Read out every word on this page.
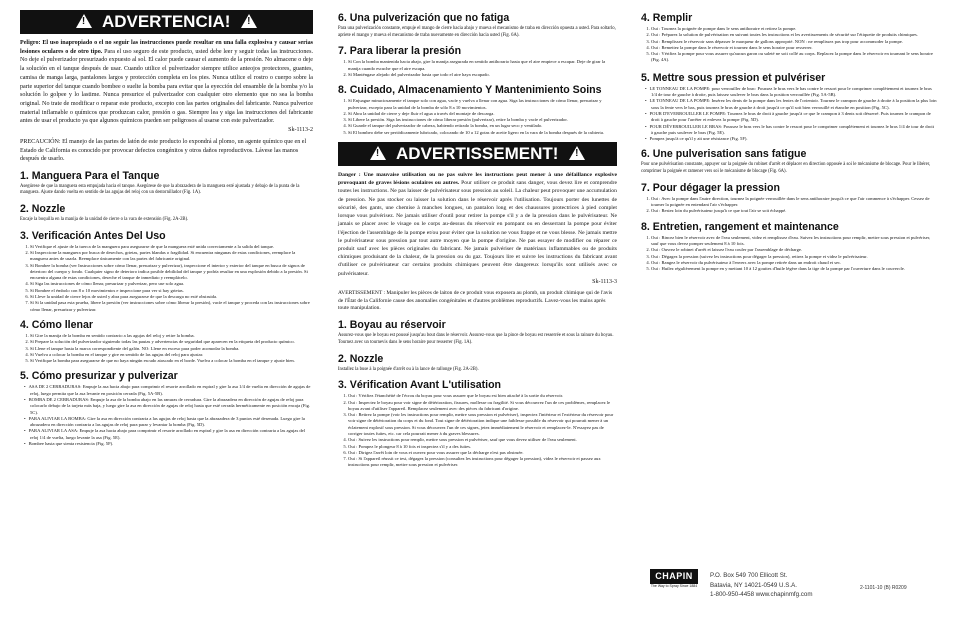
! ADVERTENCIA! !

Peligro: El uso inapropiado o el no seguir las instrucciones puede resultar en una falla explosiva y causar serias lesiones oculares o de otro tipo. Para el uso seguro de este producto, usted debe leer y seguir todas las instrucciones. No deje el pulverizador presurizado expuesto al sol. El calor puede causar el aumento de la presión. No almacene o deje la solución en el tanque después de usar. Cuando utilice el pulverizador siempre utilice anteojos protectores, guantes, camisa de manga larga, pantalones largos y protección completa en los pies. Nunca utilice el rostro o cuerpo sobre la parte superior del tanque cuando bombee o suelte la bomba para evitar que la eyección del ensamble de la bomba y/o la solución lo golpee y lo lastime. Nunca presurice el pulverizador con cualquier otro elemento que no sea la bomba original. No trate de modificar o reparar este producto, excepto con las partes originales del fabricante. Nunca pulverice material inflamable o químicos que produzcan calor, presión o gas. Siempre lea y siga las instrucciones del fabricante antes de usar el producto ya que algunos químicos pueden ser peligrosos al usarse con este pulverizador.

Sk-1113-2

PRECAUCIÓN: El manejo de las partes de latón de este producto lo expondrá al plomo, un agente químico que en el Estado de California es conocido por provocar defectos congénitos y otros daños reproductivos. Lávese las manos después de usarlo.

1. Manguera Para el Tanque

Asegúrese de que la manguera esta empujada hacia el tanque. Asegúrese de que la abrazadera de la manguera esté ajustada y debajo de la punta de la manguera. Ajuste dando vuelta en sentido de las agujas del reloj con un destornillador (Fig. 1A).

2. Nozzle

Encaje la boquilla en la manija de la unidad de cierre o la vara de extensión (Fig. 2A-2B).

3. Verificación Antes Del Uso
1. Sí Verifique el ajuste de la tuerca de la manguera para asegurarse de que la manguera esté unida correctamente a la salida del tanque.
2. Sí Inspeccione la manguera por busca de desechos, grietas, partes blandas o fragilidad. Si encuentra ningunas de estas condiciones, reemplace la manguera antes de usarla. Reemplace únicamente con las partes del fabricante original.
3. Sí Bombee la bomba (ver Instrucciones sobre cómo llenar, presurizar y pulverizar), inspeccione el interior y exterior del tanque en busca de signos de deterioro del cuerpo y fondo. Cualquier signo de deterioro indica posible debilidad del tanque y podría resultar en una explosión debido a la presión. Si encuentra alguna de estas condiciones, deseche el tanque de inmediato y reemplácelo.
4. Sí Siga las instrucciones de cómo llenar, presurizar y pulverizar, pero use solo agua.
5. Sí Bombee el émbolo con 8 o 10 movimientos e inspeccione para ver si hay grietas.
6. Sí Lleve la unidad de cierre lejos de usted y abra para asegurarse de que la descarga no esté obstruida.
7. Sí Si la unidad pasa esta prueba, libere la presión (ver instrucciones sobre cómo liberar la presión), vacíe el tanque y proceda con las instrucciones sobre cómo llenar, presurizar y pulverizar.
4. Cómo llenar
1. Sí Gire la manija de la bomba en sentido contrario a las agujas del reloj y retire la bomba.
2. Sí Prepare la solución del pulverizador siguiendo todas las pautas y advertencias de seguridad que aparecen en la etiqueta del producto químico.
3. Sí Llene el tanque hasta la marca correspondiente del galón. NO: Llene en exceso para poder acomodar la bomba.
4. Sí Vuelva a colocar la bomba en el tanque y gire en sentido de las agujas del reloj para ajustar.
5. Sí Verifique la bomba para asegurarse de que no haya ningún escudo atascado en el borde. Vuelva a colocar la bomba en el tanque y ajuste bien.
5. Cómo presurizar y pulverizar
• ASA DE 2 CERRADURAS: Empuje la asa hacia abajo para comprimir el resorte arrollado en espiral y gire la asa 1/4 de vuelta en dirección de agujas de reloj, luego permita que la asa levante en posición cerrada (Fig. 5A-5B).
• BOMBA DE 2 CERRADURAS: Empuje la asa de la bomba abajo en las ranuras de cerradura. Gire la abrazadera en dirección de agujas de reloj para colocarlo debajo de la tarjeta más baja, y luego gire la asa en dirección de agujas de reloj hasta que esté cerrada herméticamente en posición encaja (Fig. 5C).
• PARA ALIVIAR LA BOMBA: Gire la asa en dirección contraria a las agujas de reloj hasta que la abrazadera de 3 puntos esté desenada. Luego gire la abrazadera en dirección contraria a las agujas de reloj para parar y levantar la bomba (Fig. 5D).
• PARA ALIVIAR LA ASA: Empuje la asa hacia abajo para comprimir el resorte arrollado en espiral y gire la asa en dirección contraria a las agujas del reloj 1/4 de vuelta, luego levante la asa (Fig. 5E).
• Bombee hasta que sienta resistencia (Fig. 5F).
6. Una pulverización que no fatiga

Para una pulverización constante, empuje el mango de cierre hacia abajo y mueva el mecanismo de traba en dirección opuesta a usted. Para soltarlo, apriete el mango y mueva el mecanismo de traba nuevamente en dirección hacia usted (Fig. 6A).

7. Para liberar la presión
1. Sí Con la bomba mantenida hacia abajo, gire la manija asegurada en sentido antihorario hasta que el aire empiece a escapar. Deje de girar la manija cuando escuche que el aire escapa.
2. Sí Manténgase alejado del pulverizador hasta que todo el aire haya escapado.
8. Cuidado, Almacenamiento Y Mantenimiento Soins
1. Sí Enjuague minuciosamente el tanque solo con agua, vacíe y vuelva a llenar con agua. Siga las instrucciones de cómo llenar, presurizar y pulverizar, excepto para la unidad de la bomba de sólo 8 a 10 movimientos.
2. Sí Abra la unidad de cierre y deje fluir el agua a través del montaje de descarga.
3. Sí Libere la presión. Siga las instrucciones de cómo liberar presión (pulverizar), retire la bomba y vacíe el pulverizador.
4. Sí Guarde el tanque del pulverizador de cabeza, habiendo retirado la bomba, en un lugar seco y ventilado.
5. Sí El bombeo debe ser periódicamente lubricado, colocando de 10 a 12 gotas de aceite ligero en la vara de la bomba después de la cubierta.
! ADVERTISSEMENT! !

Danger : Une mauvaise utilisation ou ne pas suivre les instructions peut mener à une défaillance explosive provoquant de graves lésions oculaires ou autres. Pour utiliser ce produit sans danger, vous devez lire et comprendre toutes les instructions. Ne pas laisser de pulvérisateur sous pression au soleil. La chaleur peut provoquer une accumulation de pression. Ne pas stocker ou laisser la solution dans le réservoir après l'utilisation. Toujours porter des lunettes de sécurité, des gants, une chemise à manches longues, un pantalon long et des chaussures protectrices à pied complet lorsque vous pulvérisez. Ne jamais utiliser d'outil pour retirer la pompe s'il y a de la pression dans le pulvérisateur. Ne jamais se placer avec le visage ou le corps au-dessus du réservoir en pompant ou en desserrant la pompe pour éviter l'éjection de l'assemblage de la pompe et/ou pour éviter que la solution ne vous frappe et ne vous blesse. Ne jamais mettre le pulvérisateur sous pression par tout autre moyen que la pompe d'origine. Ne pas essayer de modifier ou réparer ce produit sauf avec les pièces originales du fabricant. Ne jamais pulvériser de matériaux inflammables ou de produits chimiques produisant de la chaleur, de la pression ou du gaz. Toujours lire et suivre les instructions du fabricant avant d'utiliser ce pulvérisateur car certains produits chimiques peuvent être dangereux lorsqu'ils sont utilisés avec ce pulvérisateur.

Sk-1113-3

AVERTISSEMENT : Manipuler les pièces de laiton de ce produit vous exposera au plomb, un produit chimique qui de l'avis de l'État de la Californie cause des anomalies congénitales et d'autres problèmes reproductifs. Lavez-vous les mains après toute manipulation.

1. Boyau au réservoir

Assurez-vous que le boyau est poussé jusqu'au bout dans le réservoir. Assurez-vous que la pince de boyau est resserrée et sous la rainure du boyau. Tournez avec un tournevis dans le sens horaire pour resserrer (Fig. 1A).

2. Nozzle

Installez la buse à la poignée d'arrêt ou à la lance de rallonge (Fig. 2A-2B).

3. Vérification Avant L'utilisation
1. Oui : Vérifiez l'étanchéité de l'écrou du boyau pour vous assurer que le boyau est bien attaché à la sortie du réservoir.
2. Oui : Inspectez le boyau pour voir signe de détérioration, fissures, mollesse ou fragilité. Si vous découvrez l'un de ces problèmes, remplacez le boyau avant d'utiliser l'appareil. Remplacez seulement avec des pièces du fabricant d'origine.
3. Oui : Retirez la pompe (voir les instructions pour remplir, mettre sous pression et pulvériser), inspectez l'intérieur et l'extérieur du réservoir pour voir signe de détérioration du corps et du fond. Tout signe de détérioration indique une faiblesse possible du réservoir qui pourrait mener à un éclatement explosif sous pression. Si vous découvrez l'un de ces signes, jetez immédiatement le réservoir et remplacez-le. N'essayez pas de corriger toutes fuites, etc. car cela pourrait mener à du graves blessures.
4. Oui : Suivez les instructions pour remplir, mettre sous pression et pulvériser, sauf que vous devez utiliser de l'eau seulement.
5. Oui : Pompez le plongeur 8 à 10 fois et inspectez s'il y a des fuites.
6. Oui : Dirigez l'arrêt loin de vous et ouvrez pour vous assurer que la décharge n'est pas obstruée.
7. Oui : Si l'appareil réussit ce test, dégagez la pression (consultez les instructions pour dégager la pression), videz le réservoir et passez aux instructions pour remplir, mettre sous pression et pulvériser.
4. Remplir
1. Oui : Tournez la poignée de pompe dans le sens antihoraire et retirez la pompe.
2. Oui : Préparez la solution de pulvérisation en suivant toutes les instructions et les avertissements de sécurité sur l'étiquette de produits chimiques.
3. Oui : Remplissez le réservoir sans dépasser le marqueur de gallons approprié. NON : ne remplissez pas trop pour accommoder la pompe.
4. Oui : Remettez la pompe dans le réservoir et tournez dans le sens horaire pour resserrer.
5. Oui : Vérifiez la pompe pour vous assurer qu'aucun garon ou saleté ne soit collé au corps. Replacez la pompe dans le réservoir en tournant le sens horaire (Fig. 4A).
5. Mettre sous pression et pulvériser
• LE TONNEAU DE LA POMPE: pour verrouiller de brac: Poussez le bras vers le bas contre le ressort pour le comprimer complètement et tournez le bras 1/4 de tour de gauche à droite, puis laissez soulever le bras dans la position verrouillée (Fig. 5A-5B).
• LE TONNEAU DE LA POMPE: Insérez les dents de la pompe dans les fentes de l'orientoir. Tournez le crampon de gauche à droite à la position la plus loin sous la fente vers le bas, puis tournez le bras de gauche à droit jusqu'à ce qu'il soit bien verrouillé et étanche en position (Fig. 5C).
• POUR D'EVERROUILLER LE POMPE: Tournez le bras de droit à gauche jusqu'à ce que le crampon à 3 dents soit désserré. Puis tournez le crampon de droit à gauche pour l'arrêter et enlevez la pompe (Fig. 5D).
• POUR DÉVERROUILLER LE BRAS: Poussez le bras vers le bas contre le ressort pour le comprimer complètement et tournez le bras 1/4 de tour de droit à gauche puis soulever le bras (Fig. 5E).
• Pompez jusqu'à ce qu'il y ait une résistance (Fig. 5F).
6. Une pulverisation sans fatigue

Pour une pulvérisation constante, appuyer sur la poignée du robinet d'arrêt et déplacer en direction opposée à soi le mécanisme de blocage. Pour le libérer, comprimer la poignée et ramener vers soi le mécanisme de blocage (Fig. 6A).

7. Pour dégager la pression
1. Oui : Avec la pompe dans l'autre direction, tournez la poignée verrouillée dans le sens antihoraire jusqu'à ce que l'air commence à s'échapper. Cessez de tourner la poignée en entendant l'air s'échapper.
2. Oui : Restez loin du pulvérisateur jusqu'à ce que tout l'air se soit échappé.
8. Entretien, rangement et maintenance
1. Oui : Rincez bien le réservoir avec de l'eau seulement, videz et remplissez d'eau. Suivez les instructions pour remplir, mettre sous pression et pulvériser, sauf que vous devez pomper seulement 8 à 10 fois.
2. Oui : Ouvrez le robinet d'arrêt et laissez l'eau couler par l'assemblage de décharge.
3. Oui : Dégagez la pression (suivez les instructions pour dégager la pression), retirez la pompe et videz le pulvérisateur.
4. Oui : Rangez le réservoir du pulvérisateur à l'envers avec la pompe retirée dans un endroit chaud et sec.
5. Oui : Huilez régulièrement la pompe en y mettant 10 à 12 gouttes d'huile légère dans la tige de la pompe par l'ouverture dans le couvercle.
CHAPIN
The Way to Spray Since 1884
P.O. Box 549 700 Ellicott St.
Batavia, NY 14021-0549 U.S.A.
1-800-950-4458 www.chapinmfg.com
2-1101-10 (B) R0209
